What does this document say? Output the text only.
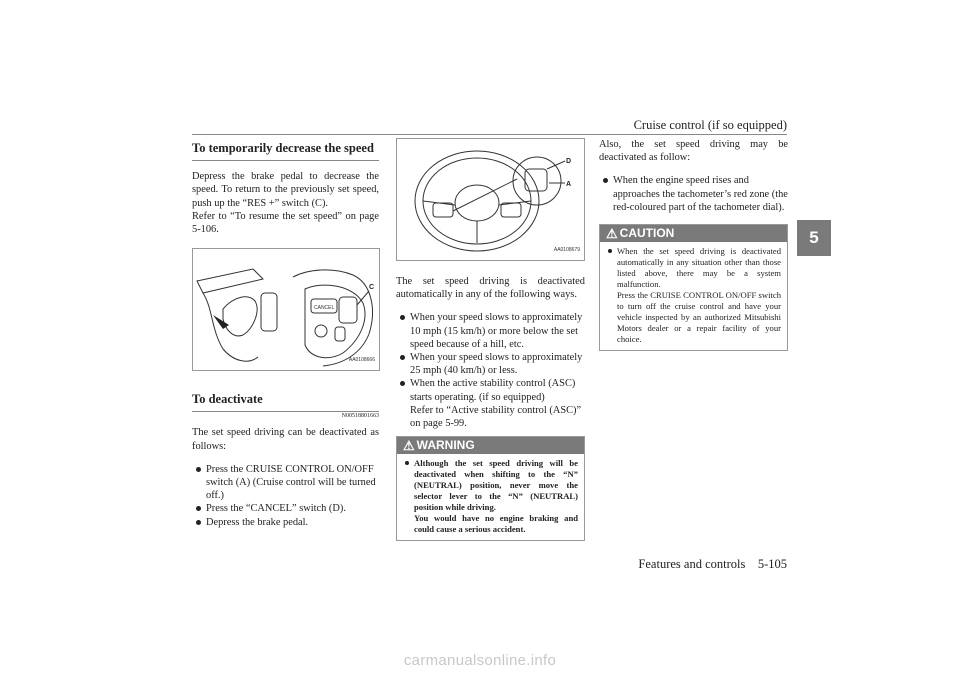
Cruise control (if so equipped)
5
To temporarily decrease the speed

Depress the brake pedal to decrease the speed. To return to the previously set speed, push up the “RES +” switch (C).

Refer to “To resume the set speed” on page 5-106.

CANCEL
C
AA0108666
To deactivate
N00518801663

The set speed driving can be deactivated as follows:

Press the CRUISE CONTROL ON/OFF switch (A) (Cruise control will be turned off.)
Press the “CANCEL” switch (D).
Depress the brake pedal.
D
A
AA0108679

The set speed driving is deactivated automatically in any of the following ways.

When your speed slows to approximately 10 mph (15 km/h) or more below the set speed because of a hill, etc.
When your speed slows to approximately 25 mph (40 km/h) or less.
When the active stability control (ASC) starts operating. (if so equipped)
Refer to “Active stability control (ASC)” on page 5-99.
⚠ WARNING
Although the set speed driving will be deactivated when shifting to the “N” (NEUTRAL) position, never move the selector lever to the “N” (NEUTRAL) position while driving.
You would have no engine braking and could cause a serious accident.

Also, the set speed driving may be deactivated as follow:

When the engine speed rises and approaches the tachometer’s red zone (the red-coloured part of the tachometer dial).
⚠ CAUTION
When the set speed driving is deactivated automatically in any situation other than those listed above, there may be a system malfunction.
Press the CRUISE CONTROL ON/OFF switch to turn off the cruise control and have your vehicle inspected by an authorized Mitsubishi Motors dealer or a repair facility of your choice.
Features and controls    5-105
carmanualsonline.info
